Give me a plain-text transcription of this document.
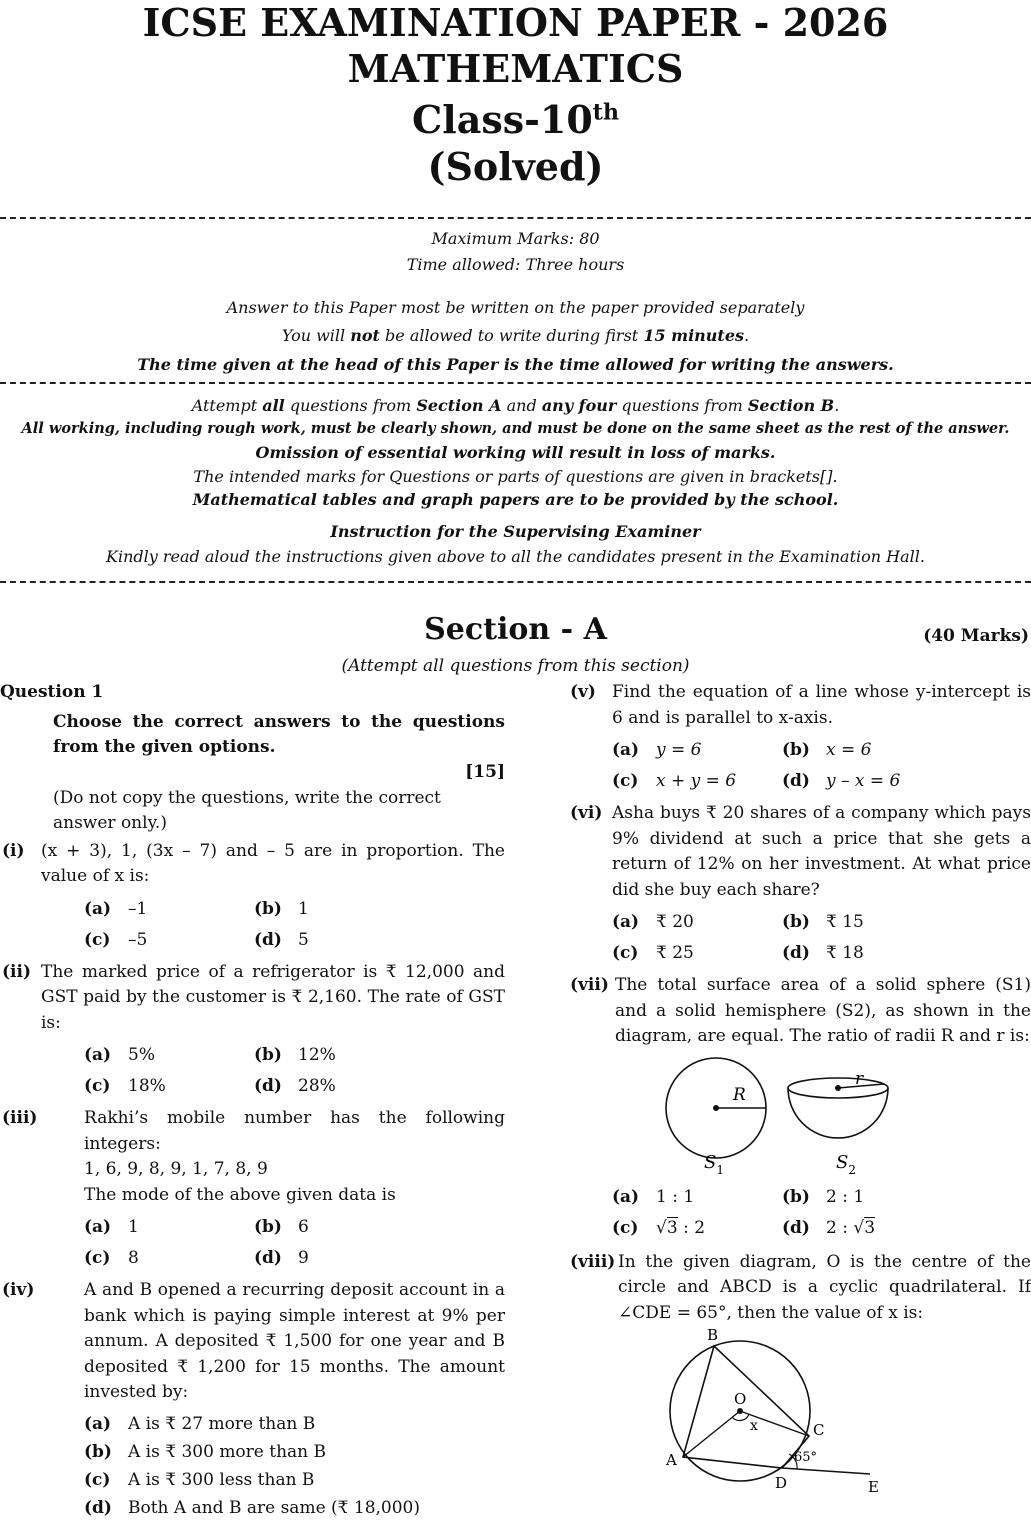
ICSE EXAMINATION PAPER - 2026
MATHEMATICS
Class-10th
(Solved)
Maximum Marks: 80
Time allowed: Three hours
Answer to this Paper most be written on the paper provided separately
You will not be allowed to write during first 15 minutes.
The time given at the head of this Paper is the time allowed for writing the answers.
Attempt all questions from Section A and any four questions from Section B.
All working, including rough work, must be clearly shown, and must be done on the same sheet as the rest of the answer.
Omission of essential working will result in loss of marks.
The intended marks for Questions or parts of questions are given in brackets[].
Mathematical tables and graph papers are to be provided by the school.
Instruction for the Supervising Examiner
Kindly read aloud the instructions given above to all the candidates present in the Examination Hall.
Section - A	(40 Marks)
(Attempt all questions from this section)
Question 1
Choose the correct answers to the questions from the given options.
[15]
(Do not copy the questions, write the correct answer only.)
(i) (x + 3), 1, (3x – 7) and – 5 are in proportion. The value of x is:
(a) –1	(b) 1
(c)	–5	(d) 5
(ii) The marked price of a refrigerator is ₹ 12,000 and GST paid by the customer is ₹ 2,160. The rate of GST is:
(a) 5%	(b) 12%
(c)	18%	(d) 28%
(iii)	Rakhi’s mobile number has the following integers:
1, 6, 9, 8, 9, 1, 7, 8, 9
The mode of the above given data is
(a) 1	(b) 6
(c)	8	(d) 9
(iv)	A and B opened a recurring deposit account in a bank which is paying simple interest at 9% per annum. A deposited ₹ 1,500 for one year and B deposited ₹ 1,200 for 15 months. The amount invested by:
(a) A is ₹ 27 more than B
(b) A is ₹ 300 more than B
(c)	A is ₹ 300 less than B
(d) Both A and B are same (₹ 18,000)
(v) Find the equation of a line whose y-intercept is 6 and is parallel to x-axis.
(a) y = 6	(b) x = 6
(c)	x + y = 6	(d) y – x = 6
(vi) Asha buys ₹ 20 shares of a company which pays 9% dividend at such a price that she gets a return of 12% on her investment. At what price did she buy each share?
(a) ₹ 20	(b) ₹ 15
(c)	₹ 25	(d) ₹ 18
(vii) The total surface area of a solid sphere (S1) and a solid hemisphere (S2), as shown in the diagram, are equal. The ratio of radii R and r is:
R
r
$S_1$	$S_2$
(a) 1 : 1	(b) 2 : 1
(c)	√3 : 2	(d) 2 : √3
(viii) In the given diagram, O is the centre of the circle and ABCD is a cyclic quadrilateral. If ∠CDE = 65°, then the value of x is:
B
A
C
D	E
O
x
65°
